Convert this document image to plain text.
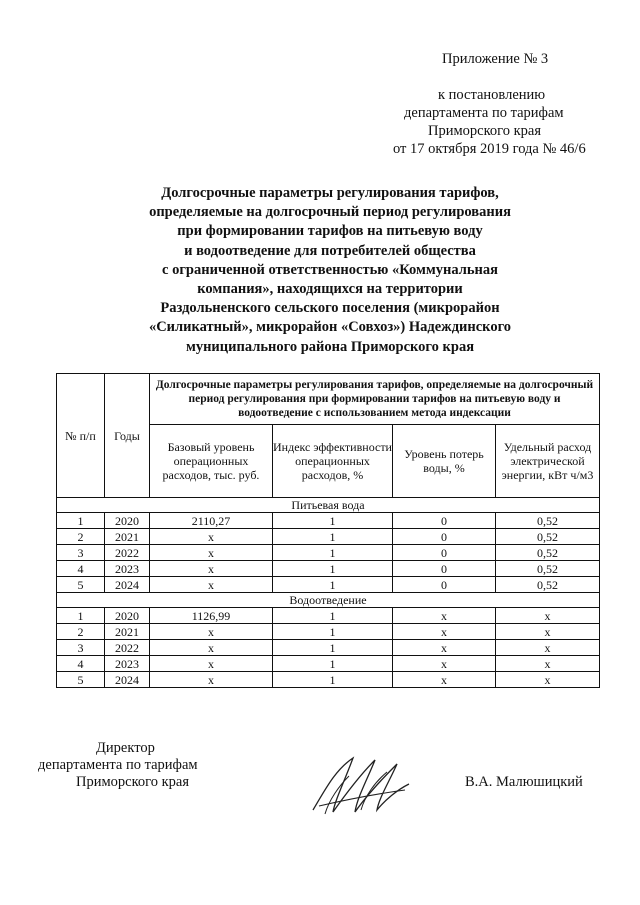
Приложение № 3
к постановлению
департамента по тарифам
Приморского края
от 17 октября 2019 года № 46/6
Долгосрочные параметры регулирования тарифов,
определяемые на долгосрочный период регулирования
при формировании тарифов на питьевую воду
и водоотведение для потребителей общества
с ограниченной ответственностью «Коммунальная
компания», находящихся на территории
Раздольненского сельского поселения (микрорайон
«Силикатный», микрорайон «Совхоз») Надеждинского
муниципального района Приморского края
№ п/п	Годы	Долгосрочные параметры регулирования тарифов, определяемые на долгосрочный период регулирования при формировании тарифов на питьевую воду и водоотведение с использованием метода индексации			
		Базовый уровень операционных расходов, тыс. руб.	Индекс эффективности операционных расходов, %	Уровень потерь воды, %	Удельный расход электрической энергии, кВт ч/м3
Питьевая вода					
1	2020	2110,27	1	0	0,52
2	2021	x	1	0	0,52
3	2022	x	1	0	0,52
4	2023	x	1	0	0,52
5	2024	x	1	0	0,52
Водоотведение					
1	2020	1126,99	1	x	x
2	2021	x	1	x	x
3	2022	x	1	x	x
4	2023	x	1	x	x
5	2024	x	1	x	x
Директор
департамента по тарифам
Приморского края	В.А. Малюшицкий
